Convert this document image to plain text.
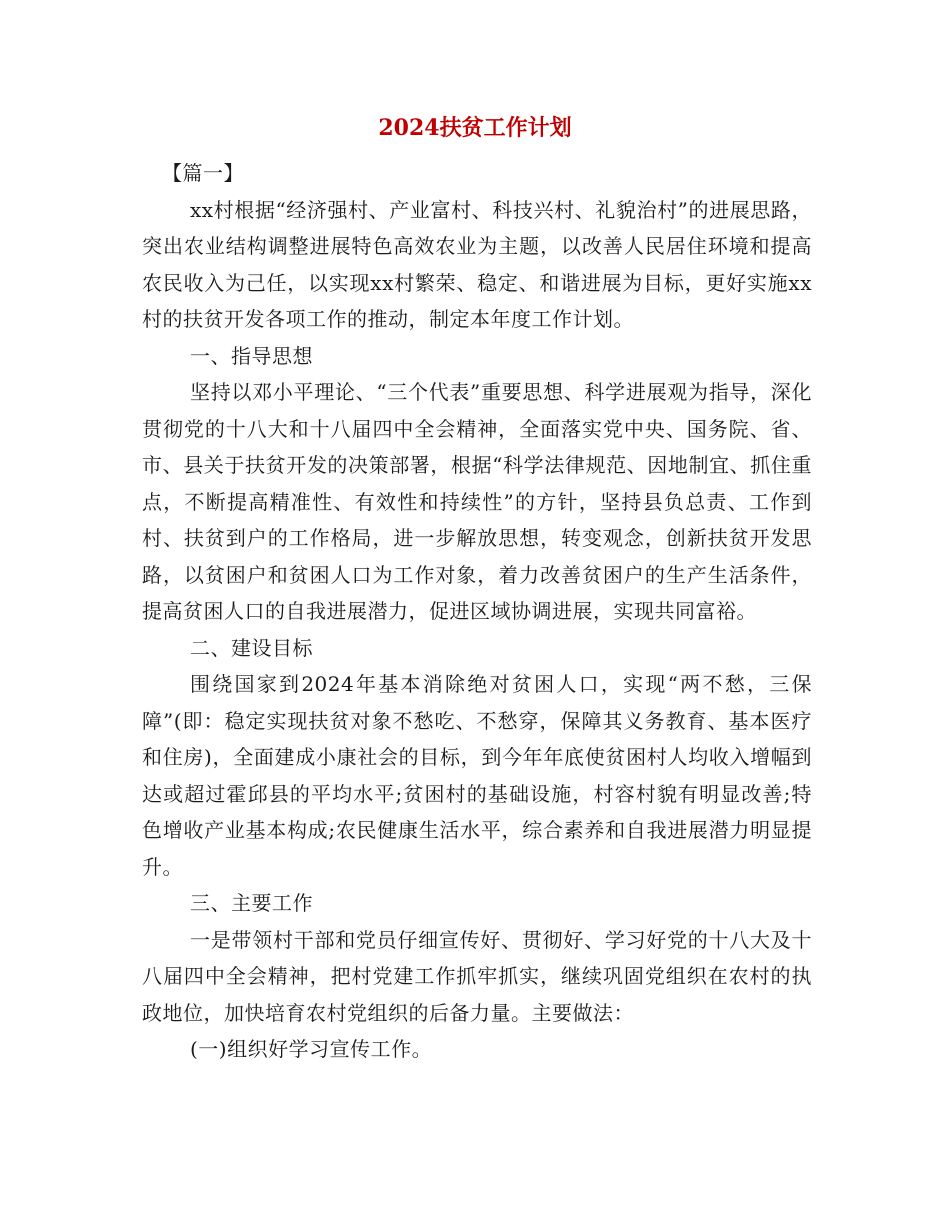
2024扶贫工作计划

【篇一】

xx村根据“经济强村、产业富村、科技兴村、礼貌治村”的进展思路，突出农业结构调整进展特色高效农业为主题，以改善人民居住环境和提高农民收入为己任，以实现xx村繁荣、稳定、和谐进展为目标，更好实施xx村的扶贫开发各项工作的推动，制定本年度工作计划。

一、指导思想

坚持以邓小平理论、“三个代表”重要思想、科学进展观为指导，深化贯彻党的十八大和十八届四中全会精神，全面落实党中央、国务院、省、市、县关于扶贫开发的决策部署，根据“科学法律规范、因地制宜、抓住重点，不断提高精准性、有效性和持续性”的方针，坚持县负总责、工作到村、扶贫到户的工作格局，进一步解放思想，转变观念，创新扶贫开发思路，以贫困户和贫困人口为工作对象，着力改善贫困户的生产生活条件，提高贫困人口的自我进展潜力，促进区域协调进展，实现共同富裕。

二、建设目标

围绕国家到2024年基本消除绝对贫困人口，实现“两不愁，三保障”(即：稳定实现扶贫对象不愁吃、不愁穿，保障其义务教育、基本医疗和住房)，全面建成小康社会的目标，到今年年底使贫困村人均收入增幅到达或超过霍邱县的平均水平;贫困村的基础设施，村容村貌有明显改善;特色增收产业基本构成;农民健康生活水平，综合素养和自我进展潜力明显提升。

三、主要工作

一是带领村干部和党员仔细宣传好、贯彻好、学习好党的十八大及十八届四中全会精神，把村党建工作抓牢抓实，继续巩固党组织在农村的执政地位，加快培育农村党组织的后备力量。主要做法：

(一)组织好学习宣传工作。
